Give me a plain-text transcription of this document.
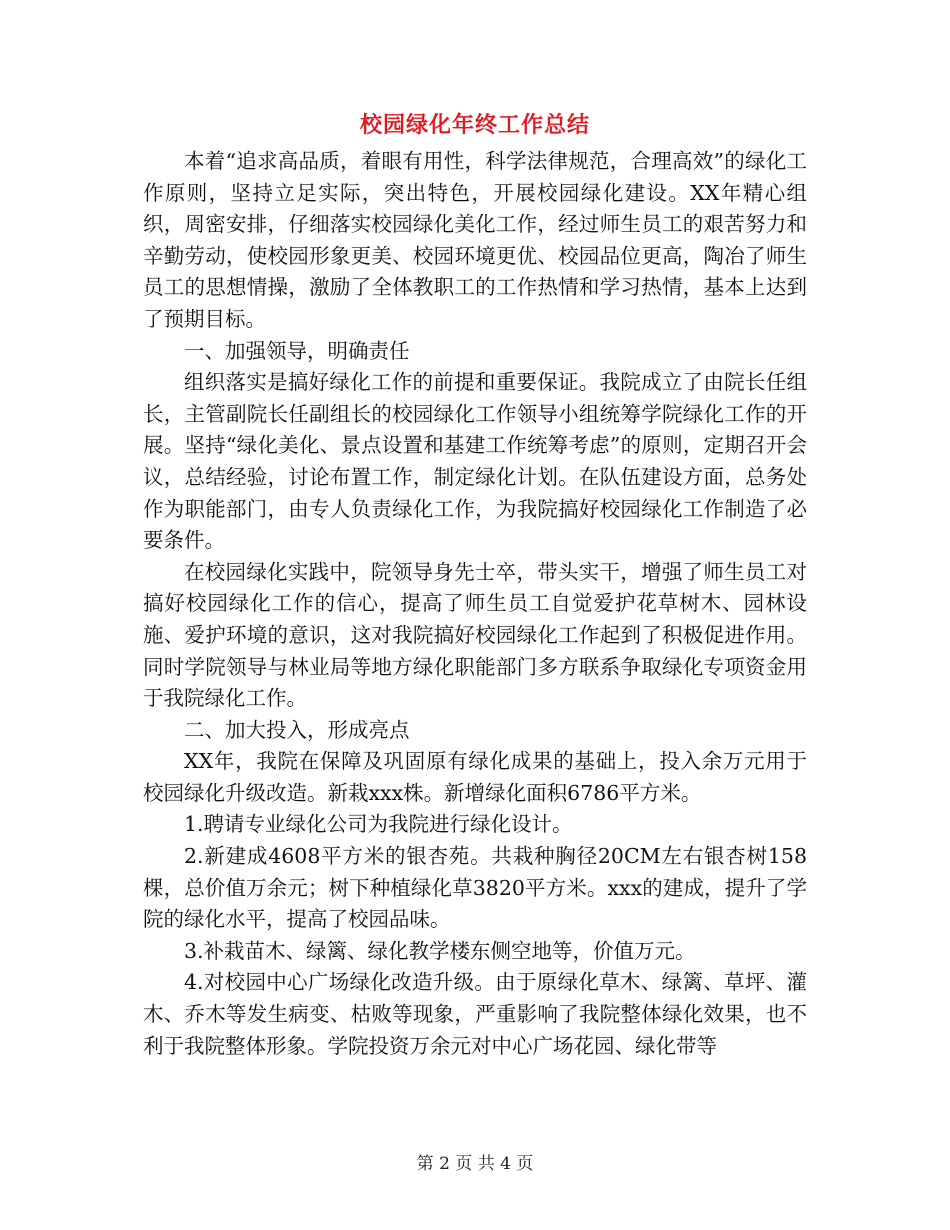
校园绿化年终工作总结

本着“追求高品质，着眼有用性，科学法律规范，合理高效”的绿化工作原则，坚持立足实际，突出特色，开展校园绿化建设。XX年精心组织，周密安排，仔细落实校园绿化美化工作，经过师生员工的艰苦努力和辛勤劳动，使校园形象更美、校园环境更优、校园品位更高，陶冶了师生员工的思想情操，激励了全体教职工的工作热情和学习热情，基本上达到了预期目标。

一、加强领导，明确责任

组织落实是搞好绿化工作的前提和重要保证。我院成立了由院长任组长，主管副院长任副组长的校园绿化工作领导小组统筹学院绿化工作的开展。坚持“绿化美化、景点设置和基建工作统筹考虑”的原则，定期召开会议，总结经验，讨论布置工作，制定绿化计划。在队伍建设方面，总务处作为职能部门，由专人负责绿化工作，为我院搞好校园绿化工作制造了必要条件。

在校园绿化实践中，院领导身先士卒，带头实干，增强了师生员工对搞好校园绿化工作的信心，提高了师生员工自觉爱护花草树木、园林设施、爱护环境的意识，这对我院搞好校园绿化工作起到了积极促进作用。同时学院领导与林业局等地方绿化职能部门多方联系争取绿化专项资金用于我院绿化工作。

二、加大投入，形成亮点

XX年，我院在保障及巩固原有绿化成果的基础上，投入余万元用于校园绿化升级改造。新栽xxx株。新增绿化面积6786平方米。

1.聘请专业绿化公司为我院进行绿化设计。

2.新建成4608平方米的银杏苑。共栽种胸径20CM左右银杏树158棵，总价值万余元；树下种植绿化草3820平方米。xxx的建成，提升了学院的绿化水平，提高了校园品味。

3.补栽苗木、绿篱、绿化教学楼东侧空地等，价值万元。

4.对校园中心广场绿化改造升级。由于原绿化草木、绿篱、草坪、灌木、乔木等发生病变、枯败等现象，严重影响了我院整体绿化效果，也不利于我院整体形象。学院投资万余元对中心广场花园、绿化带等

第 2 页 共 4 页
